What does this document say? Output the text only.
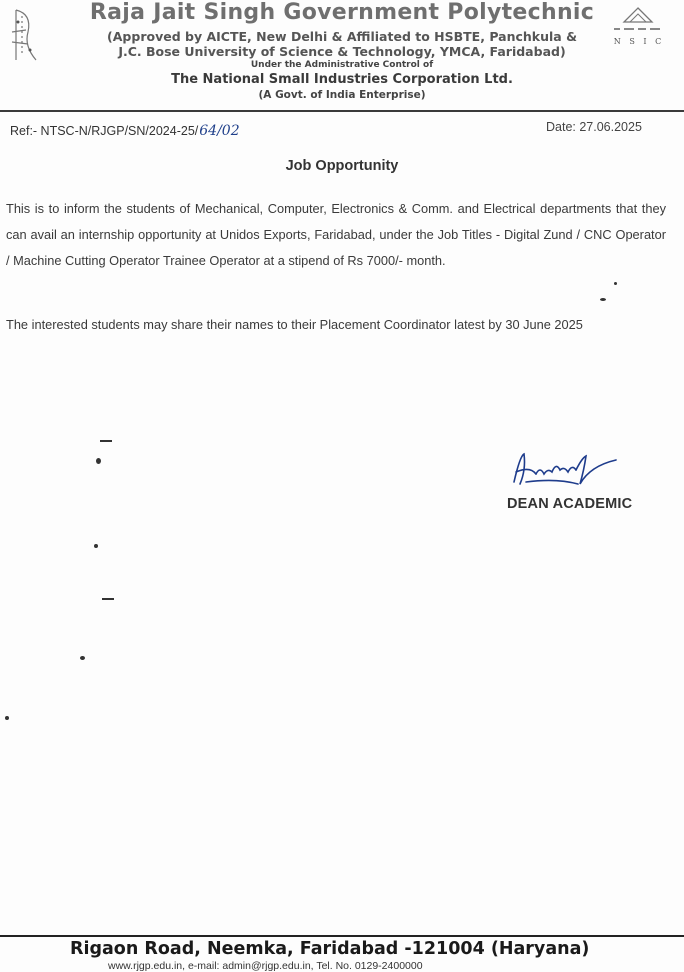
Raja Jait Singh Government Polytechnic
(Approved by AICTE, New Delhi & Affiliated to HSBTE, Panchkula &
J.C. Bose University of Science & Technology, YMCA, Faridabad)
Under the Administrative Control of
The National Small Industries Corporation Ltd.
(A Govt. of India Enterprise)
N S I C
Ref:- NTSC-N/RJGP/SN/2024-25/ 64/02	Date: 27.06.2025
Job Opportunity

This is to inform the students of Mechanical, Computer, Electronics & Comm. and Electrical departments that they can avail an internship opportunity at Unidos Exports, Faridabad, under the Job Titles - Digital Zund / CNC Operator / Machine Cutting Operator Trainee Operator at a stipend of Rs 7000/- month.

The interested students may share their names to their Placement Coordinator latest by 30 June 2025

DEAN ACADEMIC
Rigaon Road, Neemka, Faridabad -121004 (Haryana)
www.rjgp.edu.in, e-mail: admin@rjgp.edu.in, Tel. No. 0129-2400000
